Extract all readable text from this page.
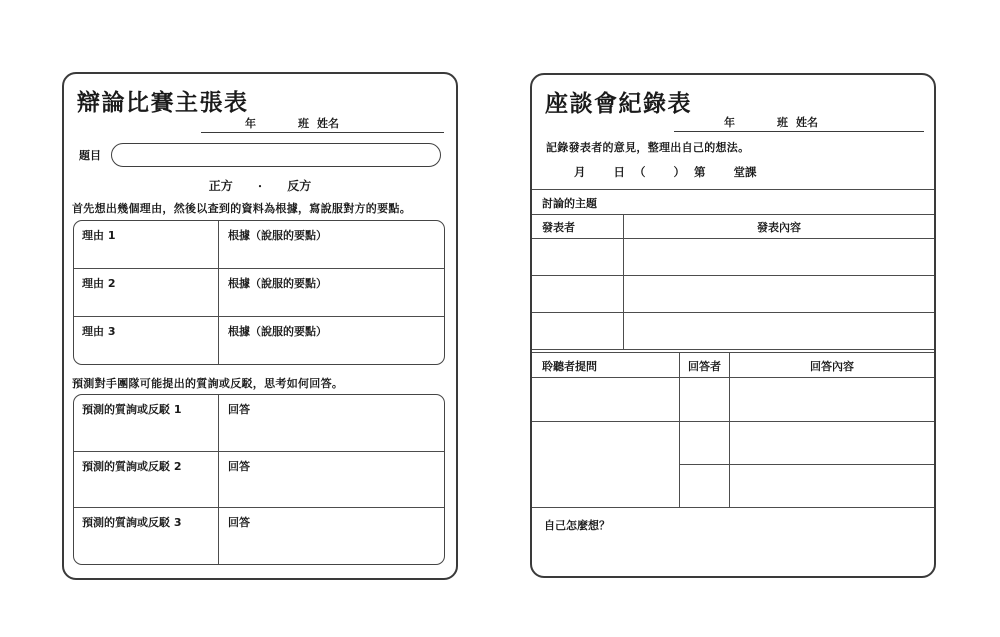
辯論比賽主張表
年	班 姓名
題目
正方 ・ 反方
首先想出幾個理由，然後以查到的資料為根據，寫說服對方的要點。
理由 1	根據（說服的要點）
理由 2	根據（說服的要點）
理由 3	根據（說服的要點）
預測對手團隊可能提出的質詢或反駁，思考如何回答。
預測的質詢或反駁 1	回答
預測的質詢或反駁 2	回答
預測的質詢或反駁 3	回答
座談會紀錄表
年	班 姓名
記錄發表者的意見，整理出自己的想法。
月 日 （ ） 第 堂課
討論的主題
發表者	發表內容
聆聽者提問	回答者	回答內容
自己怎麼想？
